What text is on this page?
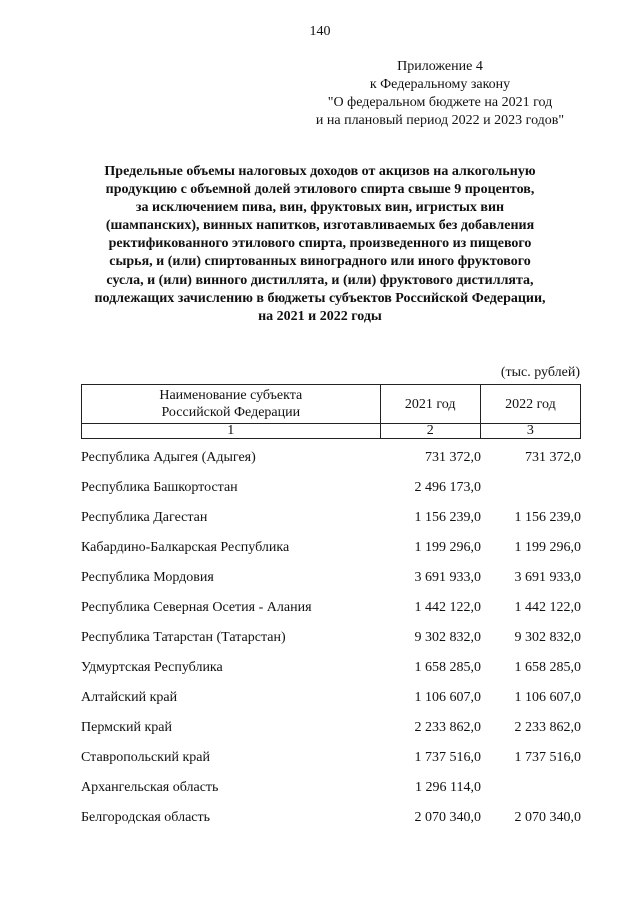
140
Приложение 4
к Федеральному закону
"О федеральном бюджете на 2021 год
и на плановый период 2022 и 2023 годов"
Предельные объемы налоговых доходов от акцизов на алкогольную
продукцию с объемной долей этилового спирта свыше 9 процентов,
за исключением пива, вин, фруктовых вин, игристых вин
(шампанских), винных напитков, изготавливаемых без добавления
ректификованного этилового спирта, произведенного из пищевого
сырья, и (или) спиртованных виноградного или иного фруктового
сусла, и (или) винного дистиллята, и (или) фруктового дистиллята,
подлежащих зачислению в бюджеты субъектов Российской Федерации,
на 2021 и 2022 годы
(тыс. рублей)
Наименование субъекта
Российской Федерации	2021 год	2022 год
1	2	3
Республика Адыгея (Адыгея)	731 372,0	731 372,0
Республика Башкортостан	2 496 173,0
Республика Дагестан	1 156 239,0	1 156 239,0
Кабардино-Балкарская Республика	1 199 296,0	1 199 296,0
Республика Мордовия	3 691 933,0	3 691 933,0
Республика Северная Осетия - Алания	1 442 122,0	1 442 122,0
Республика Татарстан (Татарстан)	9 302 832,0	9 302 832,0
Удмуртская Республика	1 658 285,0	1 658 285,0
Алтайский край	1 106 607,0	1 106 607,0
Пермский край	2 233 862,0	2 233 862,0
Ставропольский край	1 737 516,0	1 737 516,0
Архангельская область	1 296 114,0
Белгородская область	2 070 340,0	2 070 340,0
